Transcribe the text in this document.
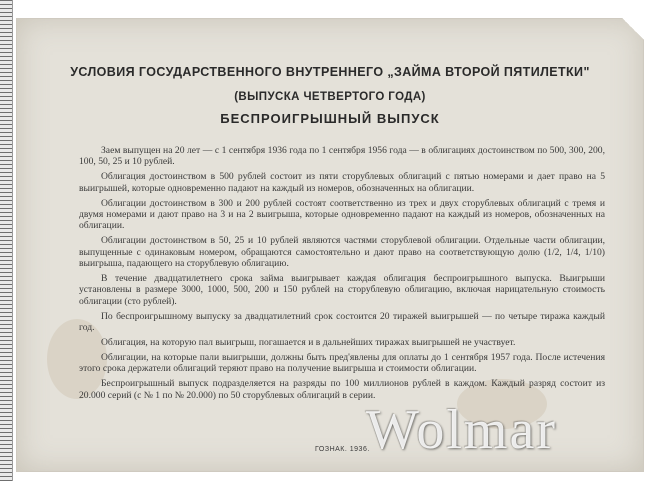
УСЛОВИЯ ГОСУДАРСТВЕННОГО ВНУТРЕННЕГО „ЗАЙМА ВТОРОЙ ПЯТИЛЕТКИ"
(ВЫПУСКА ЧЕТВЕРТОГО ГОДА)
БЕСПРОИГРЫШНЫЙ ВЫПУСК

Заем выпущен на 20 лет — с 1 сентября 1936 года по 1 сентября 1956 года — в облигациях достоинством по 500, 300, 200, 100, 50, 25 и 10 рублей.

Облигация достоинством в 500 рублей состоит из пяти сторублевых облигаций с пятью номерами и дает право на 5 выигрышей, которые одновременно падают на каждый из номеров, обозначенных на облигации.

Облигации достоинством в 300 и 200 рублей состоят соответственно из трех и двух сторублевых облигаций с тремя и двумя номерами и дают право на 3 и на 2 выигрыша, которые одновременно падают на каждый из номеров, обозначенных на облигации.

Облигации достоинством в 50, 25 и 10 рублей являются частями сторублевой облигации. Отдельные части облигации, выпущенные с одинаковым номером, обращаются самостоятельно и дают право на соответствующую долю (1/2, 1/4, 1/10) выигрыша, падающего на сторублевую облигацию.

В течение двадцатилетнего срока займа выигрывает каждая облигация беспроигрышного выпуска. Выигрыши установлены в размере 3000, 1000, 500, 200 и 150 рублей на сторублевую облигацию, включая нарицательную стоимость облигации (сто рублей).

По беспроигрышному выпуску за двадцатилетний срок состоится 20 тиражей выигрышей — по четыре тиража каждый год.

Облигация, на которую пал выигрыш, погашается и в дальнейших тиражах выигрышей не участвует.

Облигации, на которые пали выигрыши, должны быть пред'явлены для оплаты до 1 сентября 1957 года. После истечения этого срока держатели облигаций теряют право на получение выигрыша и стоимости облигации.

Беспроигрышный выпуск подразделяется на разряды по 100 миллионов рублей в каждом. Каждый разряд состоит из 20.000 серий (с № 1 по № 20.000) по 50 сторублевых облигаций в серии.

ГОЗНАК. 1936.
Wolmar
